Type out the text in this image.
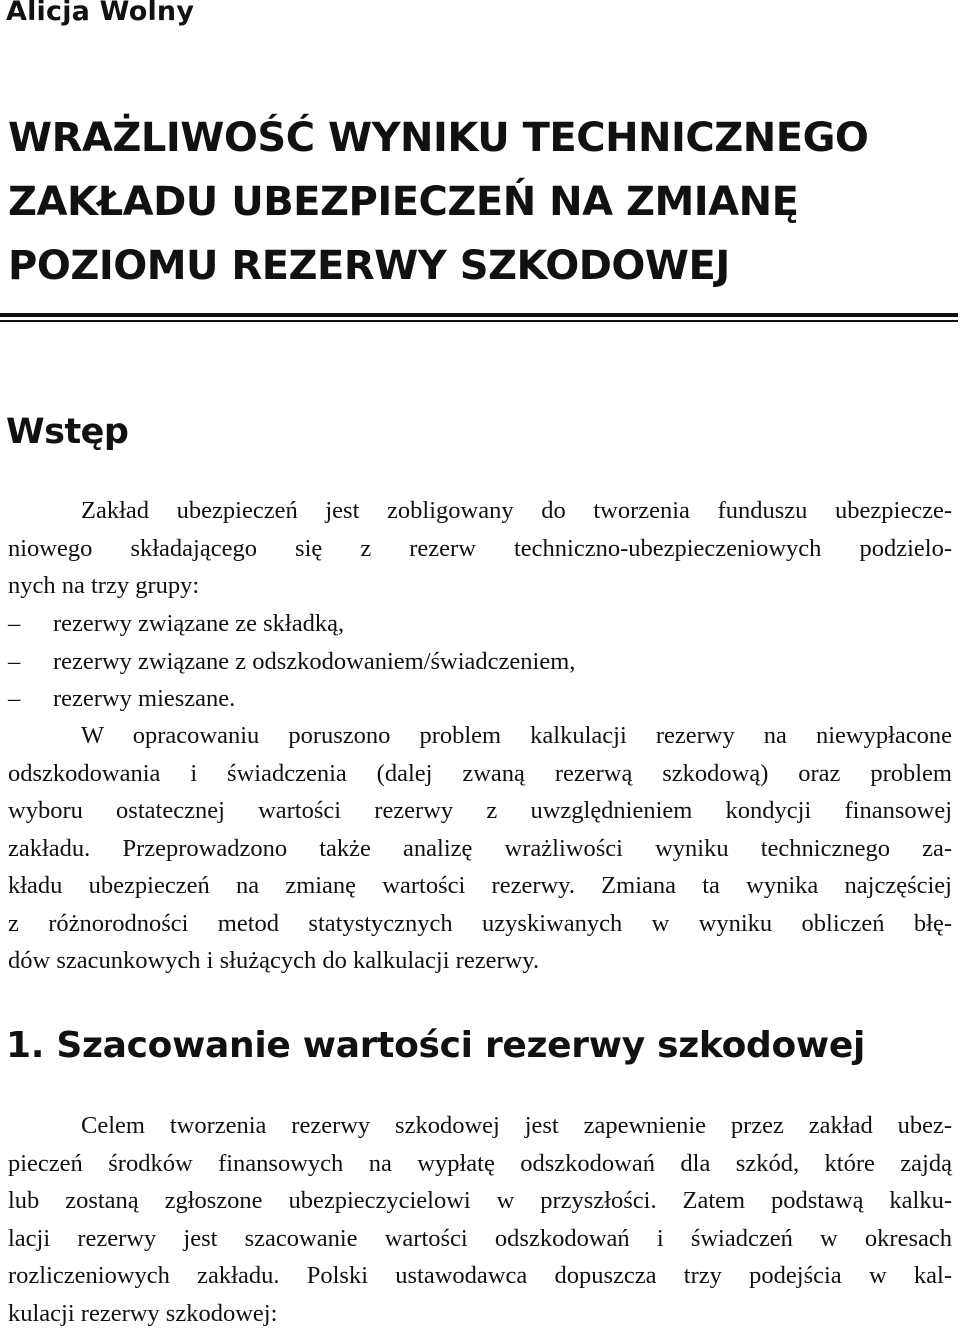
Alicja Wolny
WRAŻLIWOŚĆ WYNIKU TECHNICZNEGO
ZAKŁADU UBEZPIECZEŃ NA ZMIANĘ
POZIOMU REZERWY SZKODOWEJ
Wstęp

Zakład ubezpieczeń jest zobligowany do tworzenia funduszu ubezpiecze-
niowego składającego się z rezerw techniczno-ubezpieczeniowych podzielo-
nych na trzy grupy:

– rezerwy związane ze składką,
– rezerwy związane z odszkodowaniem/świadczeniem,
– rezerwy mieszane.

W opracowaniu poruszono problem kalkulacji rezerwy na niewypłacone
odszkodowania i świadczenia (dalej zwaną rezerwą szkodową) oraz problem
wyboru ostatecznej wartości rezerwy z uwzględnieniem kondycji finansowej
zakładu. Przeprowadzono także analizę wrażliwości wyniku technicznego za-
kładu ubezpieczeń na zmianę wartości rezerwy. Zmiana ta wynika najczęściej
z różnorodności metod statystycznych uzyskiwanych w wyniku obliczeń błę-
dów szacunkowych i służących do kalkulacji rezerwy.

1. Szacowanie wartości rezerwy szkodowej

Celem tworzenia rezerwy szkodowej jest zapewnienie przez zakład ubez-
pieczeń środków finansowych na wypłatę odszkodowań dla szkód, które zajdą
lub zostaną zgłoszone ubezpieczycielowi w przyszłości. Zatem podstawą kalku-
lacji rezerwy jest szacowanie wartości odszkodowań i świadczeń w okresach
rozliczeniowych zakładu. Polski ustawodawca dopuszcza trzy podejścia w kal-
kulacji rezerwy szkodowej:
